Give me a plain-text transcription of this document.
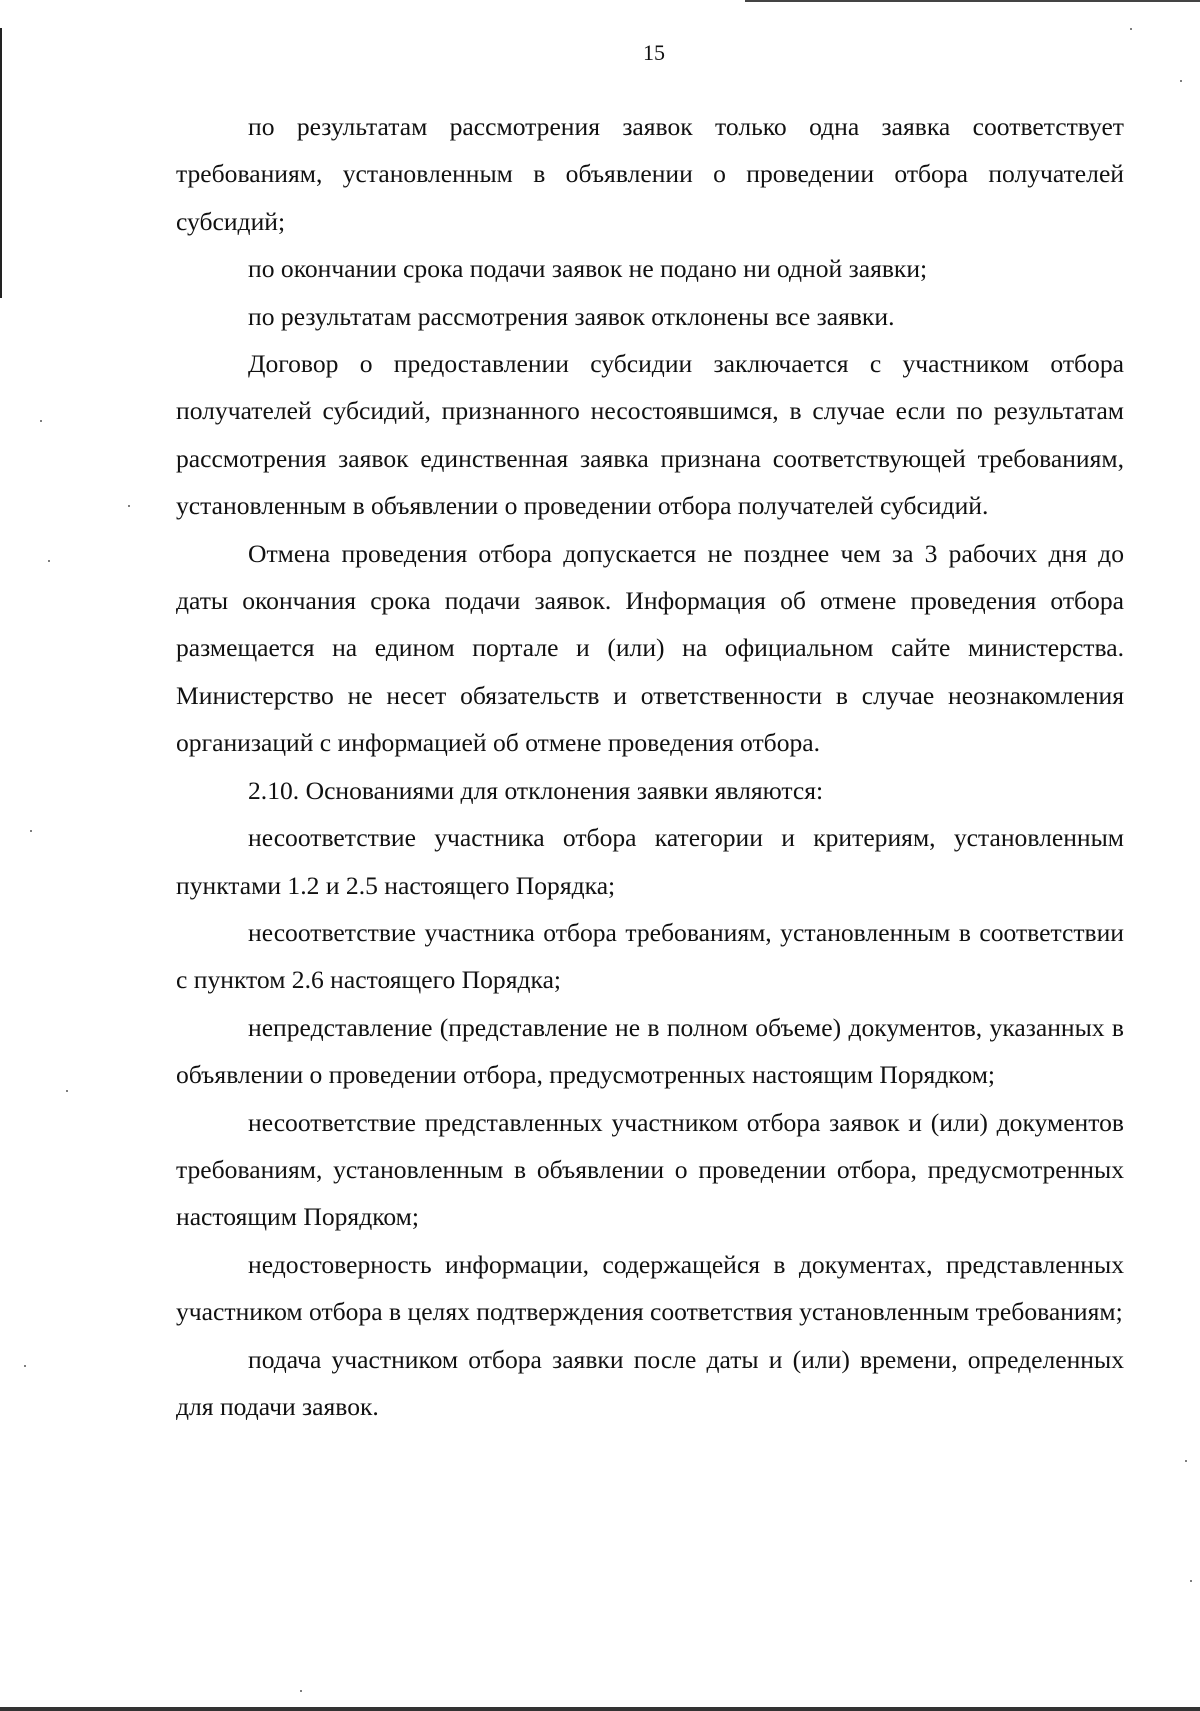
15

по результатам рассмотрения заявок только одна заявка соответствует требованиям, установленным в объявлении о проведении отбора получателей субсидий;

по окончании срока подачи заявок не подано ни одной заявки;

по результатам рассмотрения заявок отклонены все заявки.

Договор о предоставлении субсидии заключается с участником отбора получателей субсидий, признанного несостоявшимся, в случае если по результатам рассмотрения заявок единственная заявка признана соответствующей требованиям, установленным в объявлении о проведении отбора получателей субсидий.

Отмена проведения отбора допускается не позднее чем за 3 рабочих дня до даты окончания срока подачи заявок. Информация об отмене проведения отбора размещается на едином портале и (или) на официальном сайте министерства. Министерство не несет обязательств и ответственности в случае неознакомления организаций с информацией об отмене проведения отбора.

2.10. Основаниями для отклонения заявки являются:

несоответствие участника отбора категории и критериям, установленным пунктами 1.2 и 2.5 настоящего Порядка;

несоответствие участника отбора требованиям, установленным в соответствии с пунктом 2.6 настоящего Порядка;

непредставление (представление не в полном объеме) документов, указанных в объявлении о проведении отбора, предусмотренных настоящим Порядком;

несоответствие представленных участником отбора заявок и (или) документов требованиям, установленным в объявлении о проведении отбора, предусмотренных настоящим Порядком;

недостоверность информации, содержащейся в документах, представленных участником отбора в целях подтверждения соответствия установленным требованиям;

подача участником отбора заявки после даты и (или) времени, определенных для подачи заявок.
